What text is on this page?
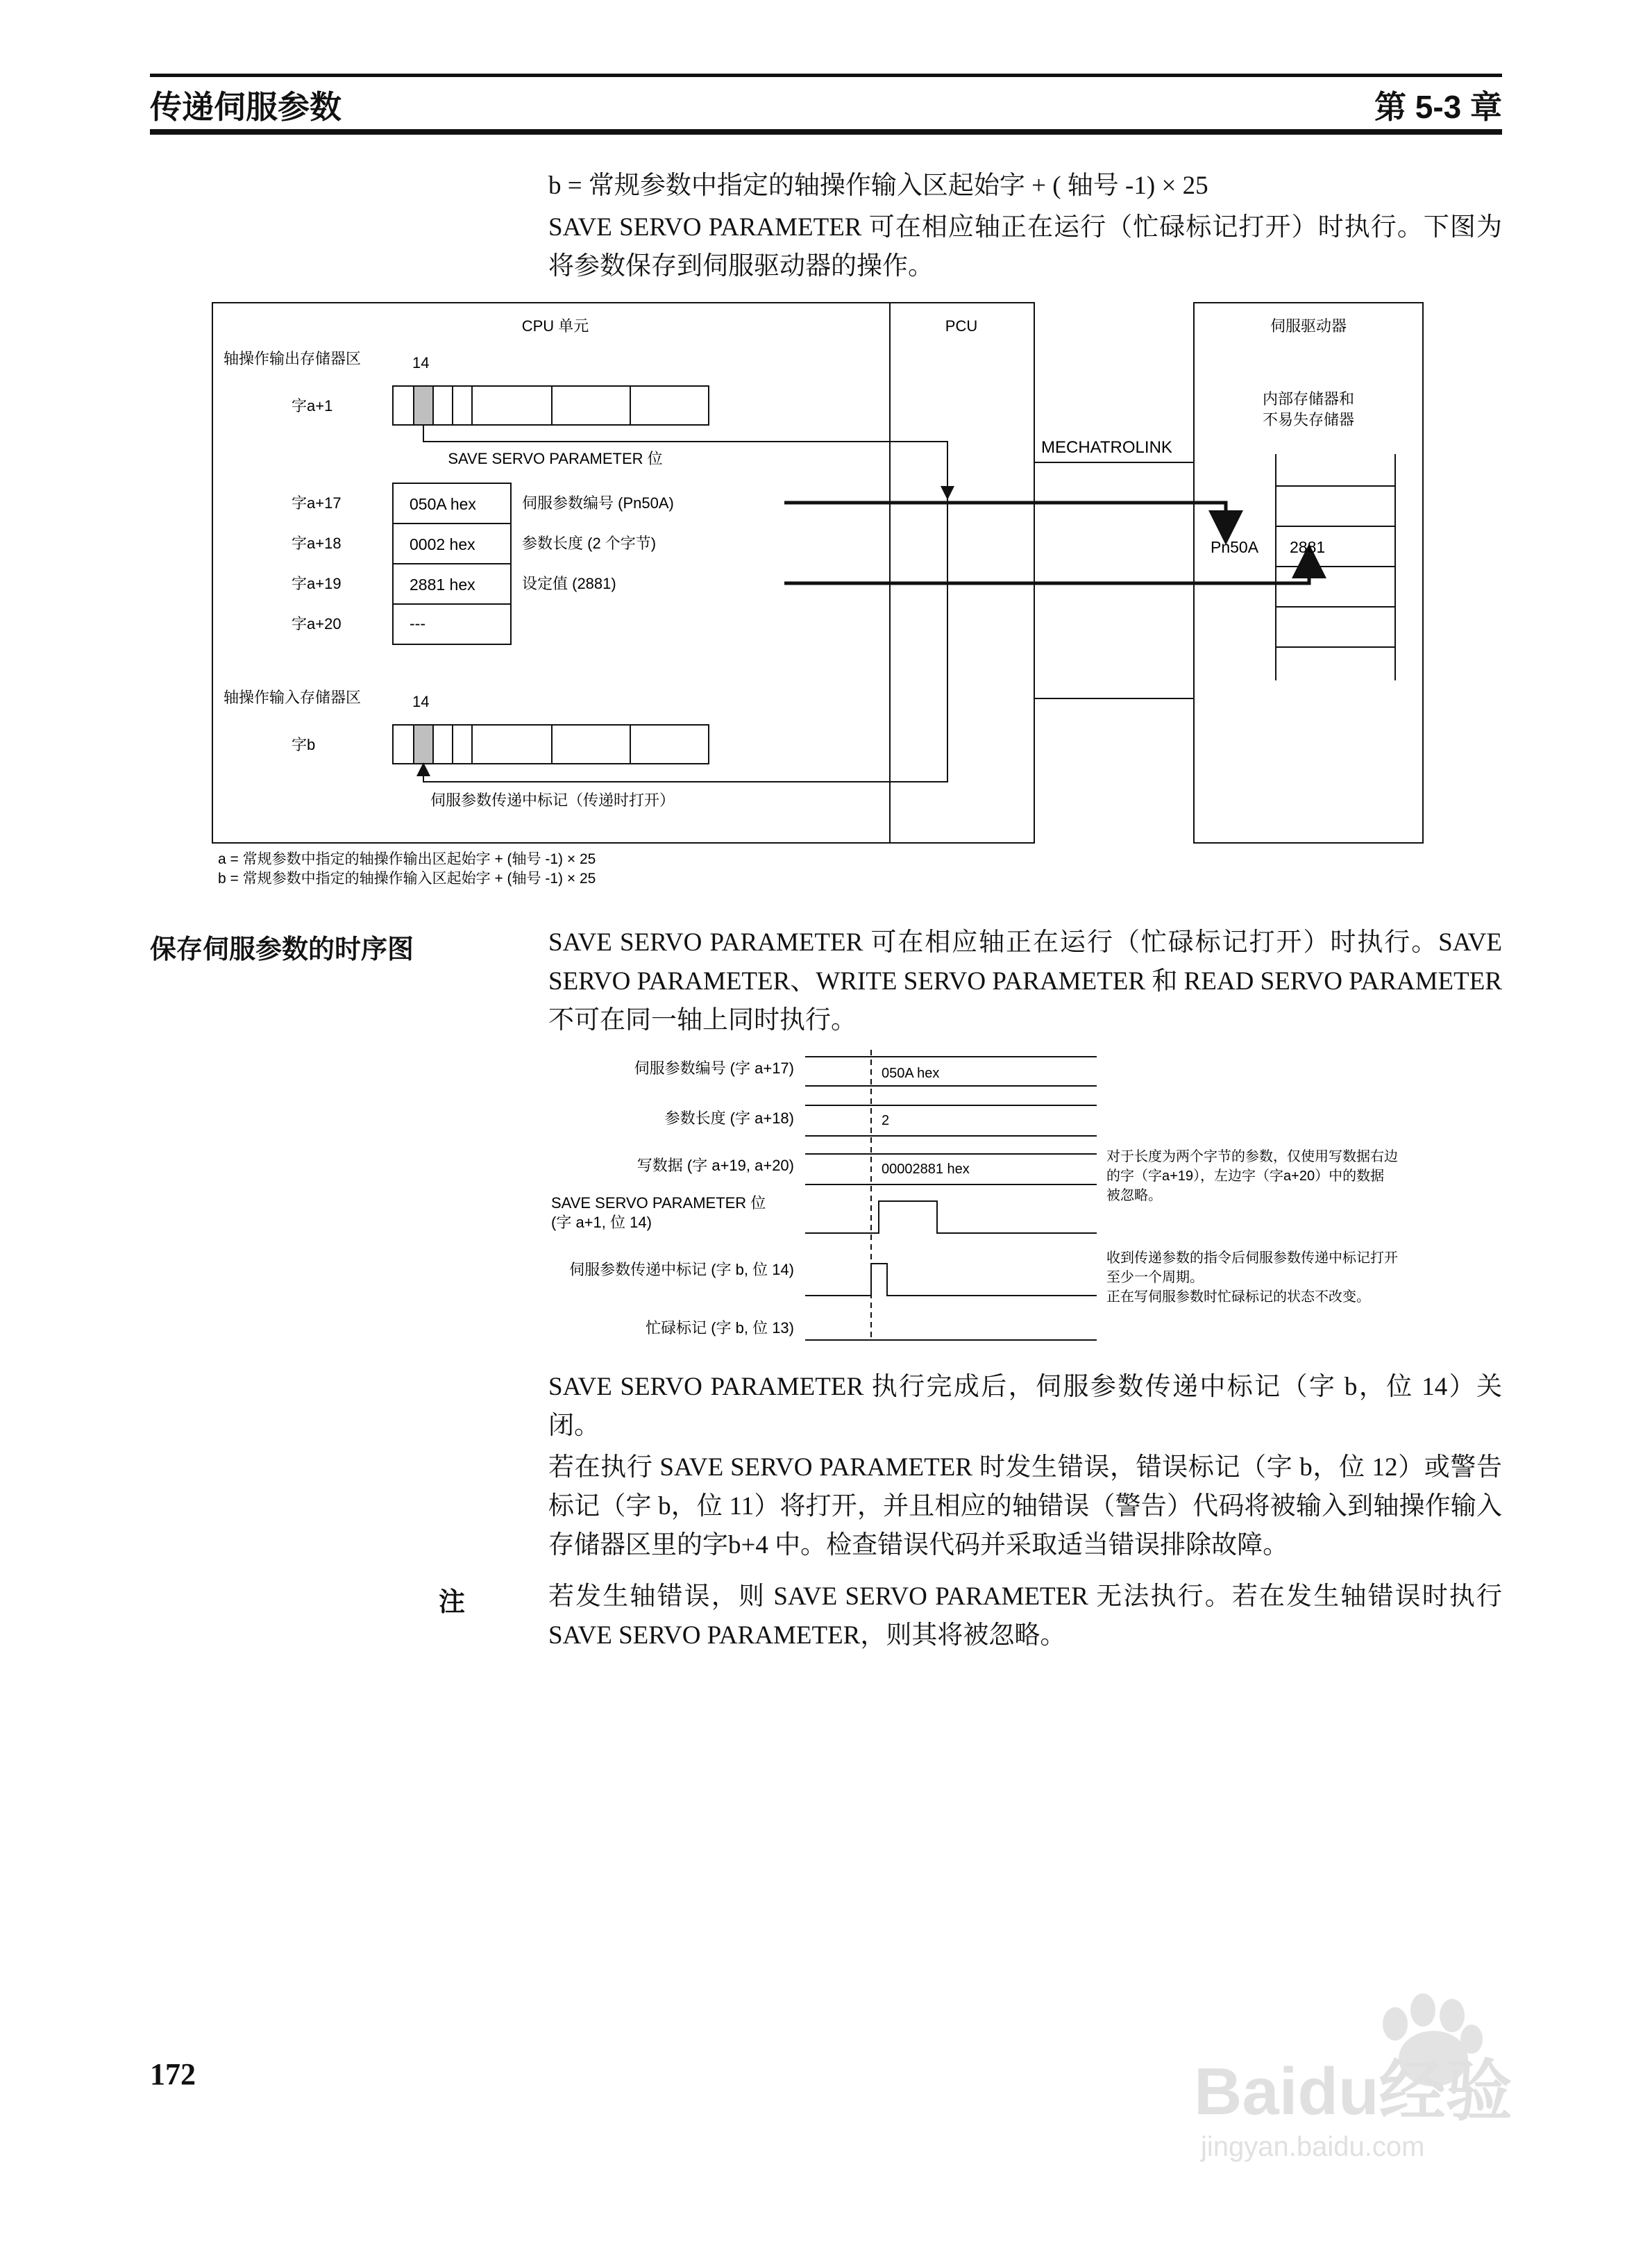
传递伺服参数	第 5-3 章
b = 常规参数中指定的轴操作输入区起始字 + ( 轴号 -1) × 25
SAVE SERVO PARAMETER 可在相应轴正在运行（忙碌标记打开）时执行。下图为将参数保存到伺服驱动器的操作。
CPU 单元	PCU	伺服驱动器
轴操作输出存储器区	14
字a+1
SAVE SERVO PARAMETER 位
字a+17	050A hex	伺服参数编号 (Pn50A)
字a+18	0002 hex	参数长度 (2 个字节)
字a+19	2881 hex	设定值 (2881)
字a+20	---
MECHATROLINK
内部存储器和
不易失存储器
Pn50A 2881
轴操作输入存储器区	14
字b
伺服参数传递中标记（传递时打开）
a = 常规参数中指定的轴操作输出区起始字 + (轴号 -1) × 25
b = 常规参数中指定的轴操作输入区起始字 + (轴号 -1) × 25
保存伺服参数的时序图	SAVE SERVO PARAMETER 可在相应轴正在运行（忙碌标记打开）时执行。SAVE SERVO PARAMETER、WRITE SERVO PARAMETER 和 READ SERVO PARAMETER 不可在同一轴上同时执行。
伺服参数编号 (字 a+17)
参数长度 (字 a+18)
写数据 (字 a+19, a+20)
SAVE SERVO PARAMETER 位
(字 a+1, 位 14)
伺服参数传递中标记 (字 b, 位 14)
忙碌标记 (字 b, 位 13)
050A hex
2
00002881 hex
对于长度为两个字节的参数，仅使用写数据右边
的字（字a+19），左边字（字a+20）中的数据
被忽略。
收到传递参数的指令后伺服参数传递中标记打开
至少一个周期。
正在写伺服参数时忙碌标记的状态不改变。
SAVE SERVO PARAMETER 执行完成后，伺服参数传递中标记（字 b，位 14）关闭。
若在执行 SAVE SERVO PARAMETER 时发生错误，错误标记（字 b，位 12）或警告标记（字 b，位 11）将打开，并且相应的轴错误（警告）代码将被输入到轴操作输入存储器区里的字b+4 中。检查错误代码并采取适当错误排除故障。
注	若发生轴错误，则 SAVE SERVO PARAMETER 无法执行。若在发生轴错误时执行 SAVE SERVO PARAMETER，则其将被忽略。
172	Baidu经验
jingyan.baidu.com
